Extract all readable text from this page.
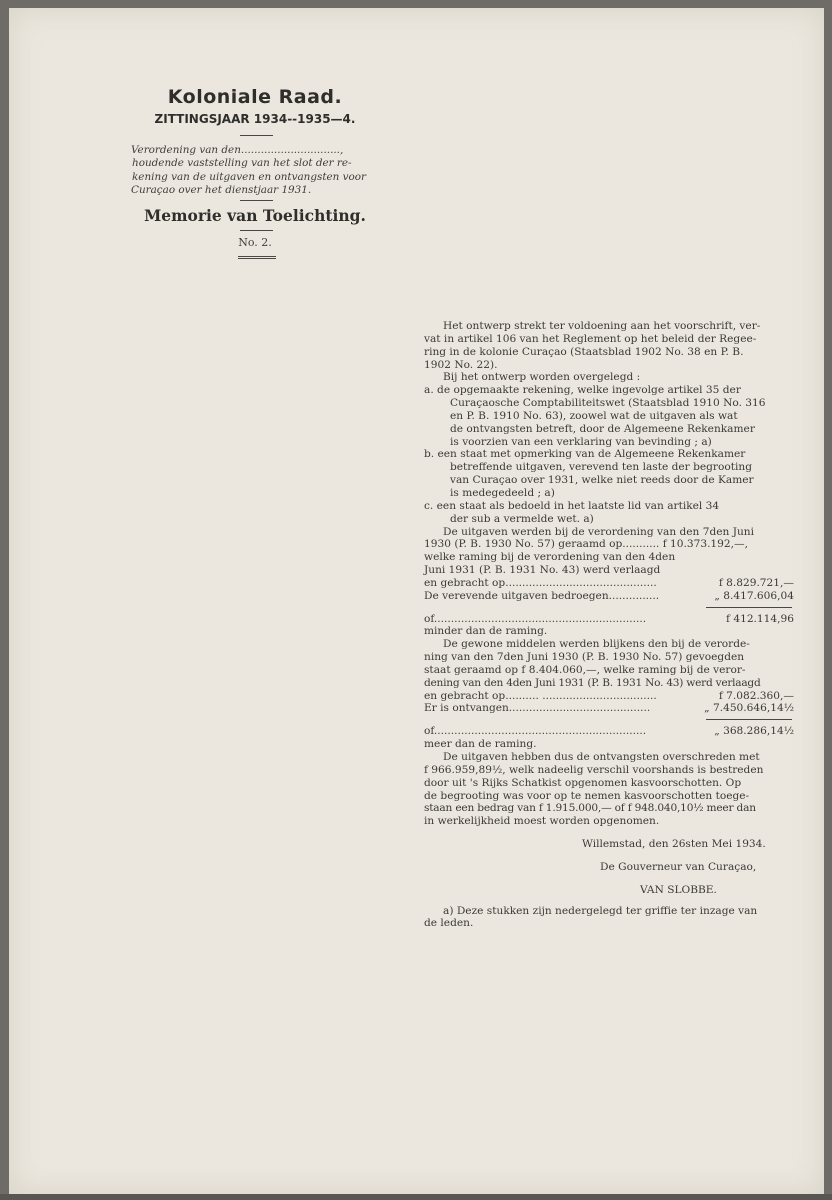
Koloniale Raad.
ZITTINGSJAAR 1934--1935—4.
Verordening van den..............................,
houdende vaststelling van het slot der re-
kening van de uitgaven en ontvangsten voor
Curaçao over het dienstjaar 1931.
Memorie van Toelichting.
No. 2.
Het ontwerp strekt ter voldoening aan het voorschrift, ver-
vat in artikel 106 van het Reglement op het beleid der Regee-
ring in de kolonie Curaçao (Staatsblad 1902 No. 38 en P. B.
1902 No. 22).
Bij het ontwerp worden overgelegd :
a. de opgemaakte rekening, welke ingevolge artikel 35 der
Curaçaosche Comptabiliteitswet (Staatsblad 1910 No. 316
en P. B. 1910 No. 63), zoowel wat de uitgaven als wat
de ontvangsten betreft, door de Algemeene Rekenkamer
is voorzien van een verklaring van bevinding ; a)
b. een staat met opmerking van de Algemeene Rekenkamer
betreffende uitgaven, verevend ten laste der begrooting
van Curaçao over 1931, welke niet reeds door de Kamer
is medegedeeld ; a)
c. een staat als bedoeld in het laatste lid van artikel 34
der sub a vermelde wet. a)
De uitgaven werden bij de verordening van den 7den Juni
1930 (P. B. 1930 No. 57) geraamd op........... f 10.373.192,—,
welke raming bij de verordening van den 4den
Juni 1931 (P. B. 1931 No. 43) werd verlaagd
en gebracht op.............................................	f 8.829.721,—
De verevende uitgaven bedroegen...............	„ 8.417.606,04
of...............................................................	f 412.114,96
minder dan de raming.
De gewone middelen werden blijkens den bij de verorde-
ning van den 7den Juni 1930 (P. B. 1930 No. 57) gevoegden
staat geraamd op f 8.404.060,—, welke raming bij de veror-
dening van den 4den Juni 1931 (P. B. 1931 No. 43) werd verlaagd
en gebracht op.......... ..................................	f 7.082.360,—
Er is ontvangen..........................................	„ 7.450.646,14½
of...............................................................	„ 368.286,14½
meer dan de raming.
De uitgaven hebben dus de ontvangsten overschreden met
f 966.959,89½, welk nadeelig verschil voorshands is bestreden
door uit 's Rijks Schatkist opgenomen kasvoorschotten. Op
de begrooting was voor op te nemen kasvoorschotten toege-
staan een bedrag van f 1.915.000,— of f 948.040,10½ meer dan
in werkelijkheid moest worden opgenomen.
Willemstad, den 26sten Mei 1934.
De Gouverneur van Curaçao,
VAN SLOBBE.
a) Deze stukken zijn nedergelegd ter griffie ter inzage van
de leden.
